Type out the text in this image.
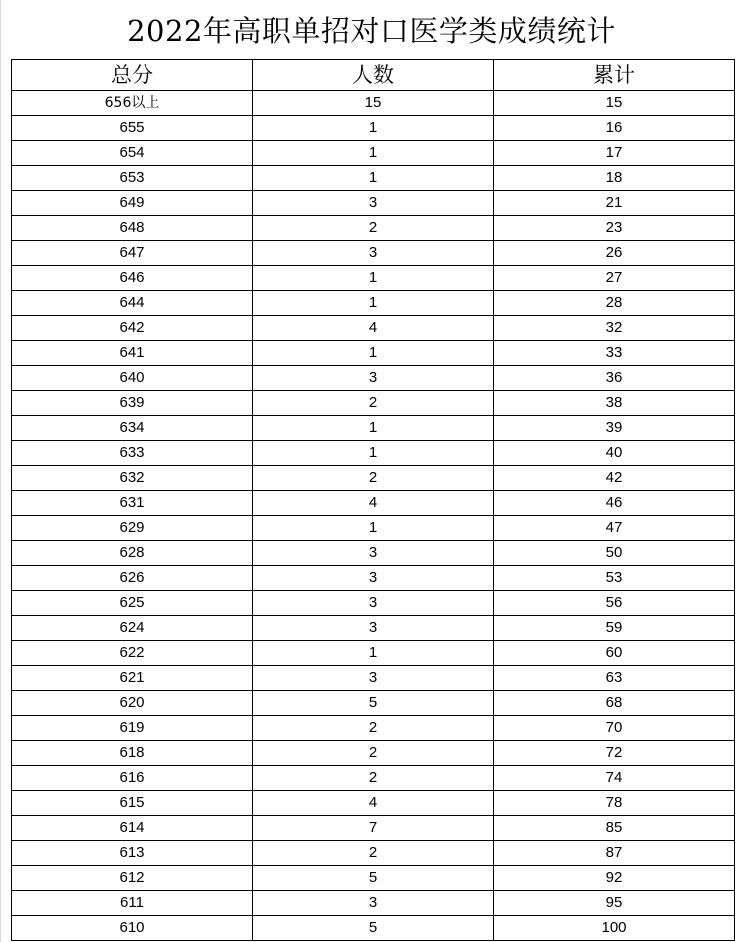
2022年高职单招对口医学类成绩统计
总分	人数	累计
656以上	15	15
655	1	16
654	1	17
653	1	18
649	3	21
648	2	23
647	3	26
646	1	27
644	1	28
642	4	32
641	1	33
640	3	36
639	2	38
634	1	39
633	1	40
632	2	42
631	4	46
629	1	47
628	3	50
626	3	53
625	3	56
624	3	59
622	1	60
621	3	63
620	5	68
619	2	70
618	2	72
616	2	74
615	4	78
614	7	85
613	2	87
612	5	92
611	3	95
610	5	100
